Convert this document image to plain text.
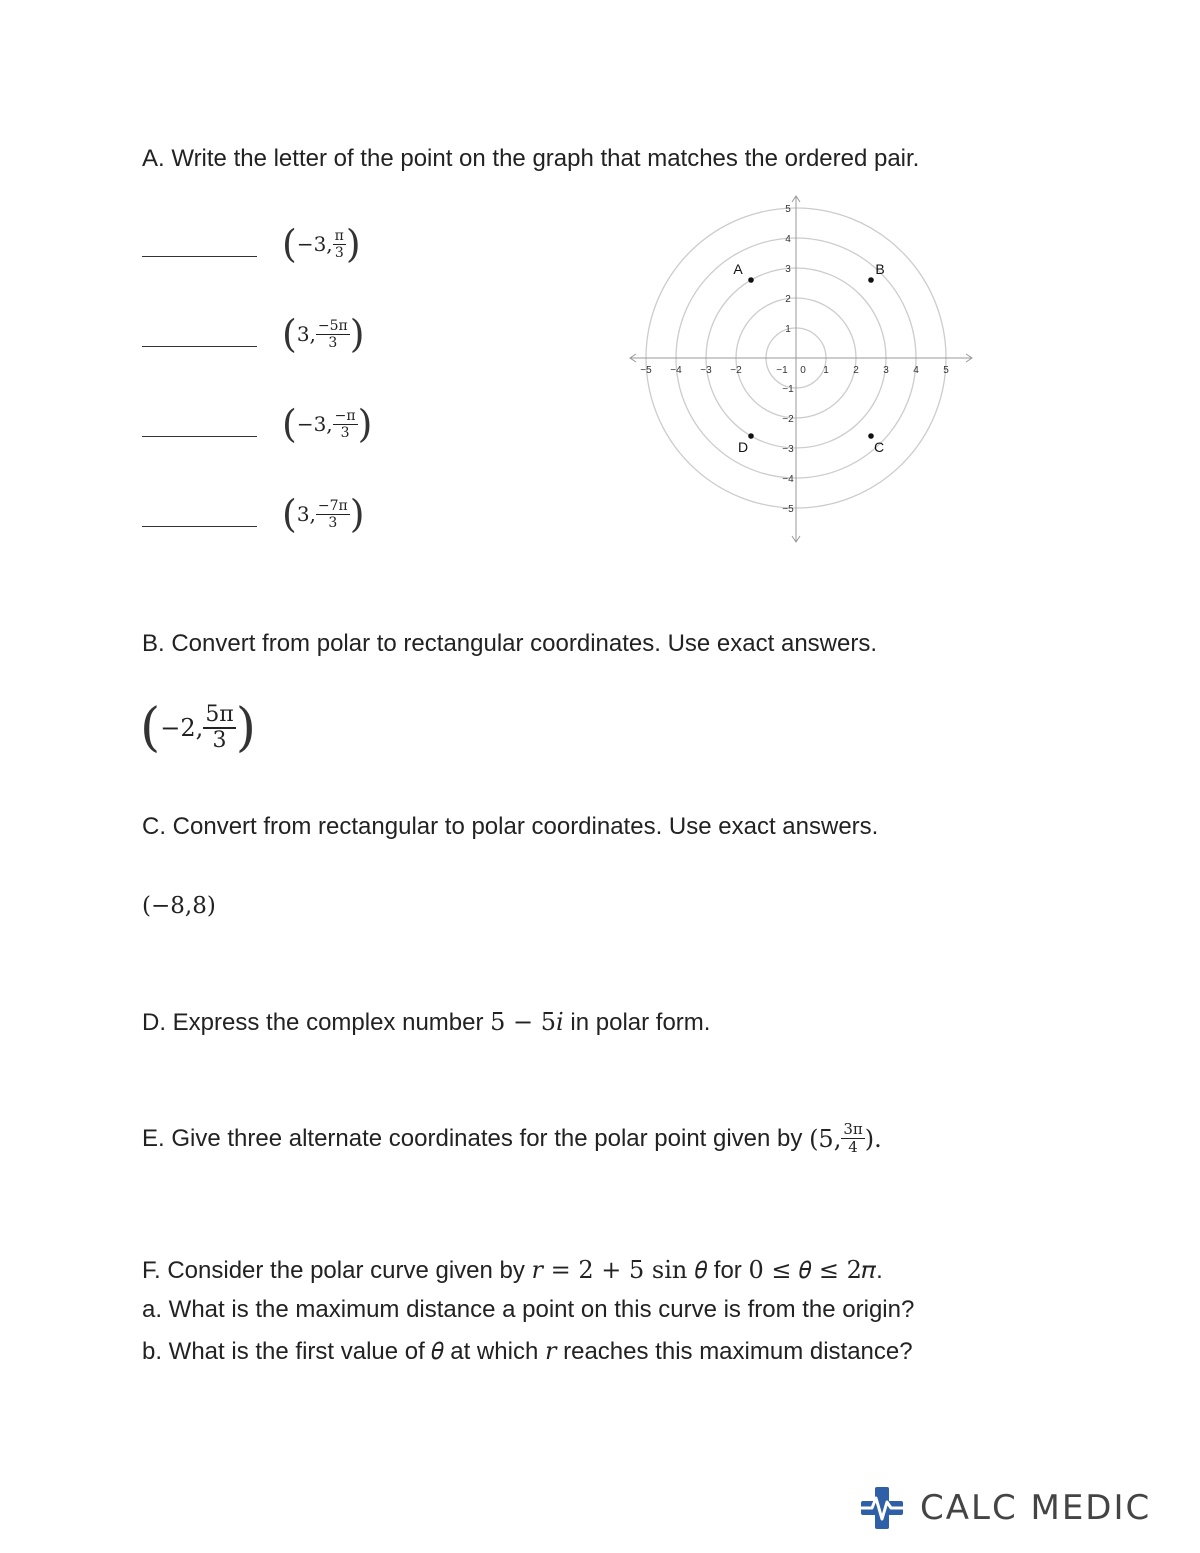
A. Write the letter of the point on the graph that matches the ordered pair.
( −3, $\frac{\pi}{3}$ )
( 3, $\frac{-5\pi}{3}$ )
( −3, $\frac{-\pi}{3}$ )
( 3, $\frac{-7\pi}{3}$ )
−5 −4 −3 −2	−1 0 1 2 3 4 5
5
4
3
2
1
−1
−2
−3
−4
−5
A	B
C
D
B. Convert from polar to rectangular coordinates. Use exact answers.
( −2, $\frac{5\pi}{3}$ )
C. Convert from rectangular to polar coordinates. Use exact answers.
(−8,8)
D. Express the complex number 5 − 5𝑖 in polar form.
E. Give three alternate coordinates for the polar point given by (5, $\frac{3\pi}{4}$ ).
F. Consider the polar curve given by 𝑟 = 2 + 5 sin 𝜃 for 0 ≤ 𝜃 ≤ 2𝜋.
a. What is the maximum distance a point on this curve is from the origin?
b. What is the first value of 𝜃 at which 𝑟 reaches this maximum distance?
CALC MEDIC
